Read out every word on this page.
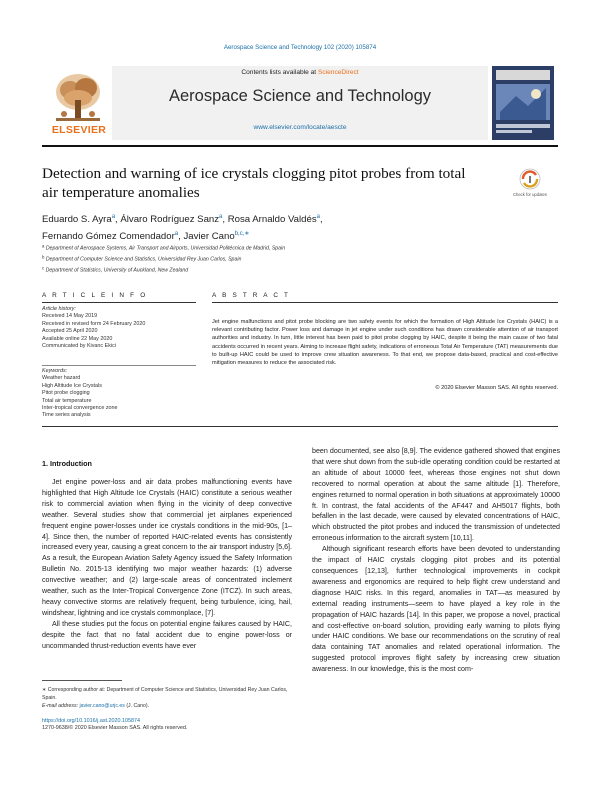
Aerospace Science and Technology 102 (2020) 105874
ELSEVIER
Contents lists available at ScienceDirect
Aerospace Science and Technology
www.elsevier.com/locate/aescte
Detection and warning of ice crystals clogging pitot probes from total air temperature anomalies	Check for updates
Eduardo S. Ayra$^a$, Álvaro Rodríguez Sanz$^a$, Rosa Arnaldo Valdés$^a$,
Fernando Gómez Comendador$^a$, Javier Cano$^{b,c,∗}$
$^a$ Department of Aerospace Systems, Air Transport and Airports, Universidad Politécnica de Madrid, Spain
$^b$ Department of Computer Science and Statistics, Universidad Rey Juan Carlos, Spain
$^c$ Department of Statistics, University of Auckland, New Zealand
A R T I C L E I N F O	A B S T R A C T
Article history:
Received 14 May 2019
Received in revised form 24 February 2020
Accepted 25 April 2020
Available online 22 May 2020
Communicated by Kivanc Ekici
Keywords:
Weather hazard
High Altitude Ice Crystals
Pitot probe clogging
Total air temperature
Inter-tropical convergence zone
Time series analysis
Jet engine malfunctions and pitot probe blocking are two safety events for which the formation of High Altitude Ice Crystals (HAIC) is a relevant contributing factor. Power loss and damage in jet engine under such conditions has drawn considerable attention of air transport authorities and industry. In turn, little interest has been paid to pitot probe clogging by HAIC, despite it being the main cause of two fatal accidents occurred in recent years. Aiming to increase flight safety, indications of erroneous Total Air Temperature (TAT) measurements due to built-up HAIC could be used to improve crew situation awareness. To that end, we propose data-based, practical and cost-effective mitigation measures to reduce the associated risk.
© 2020 Elsevier Masson SAS. All rights reserved.
1. Introduction

Jet engine power-loss and air data probes malfunctioning events have highlighted that High Altitude Ice Crystals (HAIC) constitute a serious weather risk to commercial aviation when flying in the vicinity of deep convective weather. Several studies show that commercial jet airplanes experienced frequent engine power-losses under ice crystals conditions in the mid-90s, [1–4]. Since then, the number of reported HAIC-related events has consistently increased every year, causing a great concern to the air transport industry [5,6]. As a result, the European Aviation Safety Agency issued the Safety Information Bulletin No. 2015-13 identifying two major weather hazards: (1) adverse convective weather; and (2) large-scale areas of concentrated inclement weather, such as the Inter-Tropical Convergence Zone (ITCZ). In such areas, heavy convective storms are relatively frequent, being turbulence, icing, hail, windshear, lightning and ice crystals commonplace, [7].

All these studies put the focus on potential engine failures caused by HAIC, despite the fact that no fatal accident due to engine power-loss or uncommanded thrust-reduction events have ever

been documented, see also [8,9]. The evidence gathered showed that engines that were shut down from the sub-idle operating condition could be restarted at an altitude of about 10000 feet, whereas those engines not shut down recovered to normal operation at about the same altitude [1]. Therefore, engines returned to normal operation in both situations at approximately 10000 ft. In contrast, the fatal accidents of the AF447 and AH5017 flights, both befallen in the last decade, were caused by elevated concentrations of HAIC, which obstructed the pitot probes and induced the transmission of undetected erroneous information to the aircraft system [10,11].

Although significant research efforts have been devoted to understanding the impact of HAIC crystals clogging pitot probes and its potential consequences [12,13], further technological improvements in cockpit awareness and ergonomics are required to help flight crew understand and diagnose HAIC risks. In this regard, anomalies in TAT—as measured by external reading instruments—seem to have played a key role in the propagation of HAIC hazards [14]. In this paper, we propose a novel, practical and cost-effective on-board solution, providing early warning to pilots flying under HAIC conditions. We base our recommendations on the scrutiny of real data containing TAT anomalies and related operational information. The suggested protocol improves flight safety by increasing crew situation awareness. In our knowledge, this is the most com-

∗ Corresponding author at: Department of Computer Science and Statistics, Universidad Rey Juan Carlos, Spain.
E-mail address: javier.cano@urjc.es (J. Cano).
https://doi.org/10.1016/j.ast.2020.105874
1270-9638/© 2020 Elsevier Masson SAS. All rights reserved.
